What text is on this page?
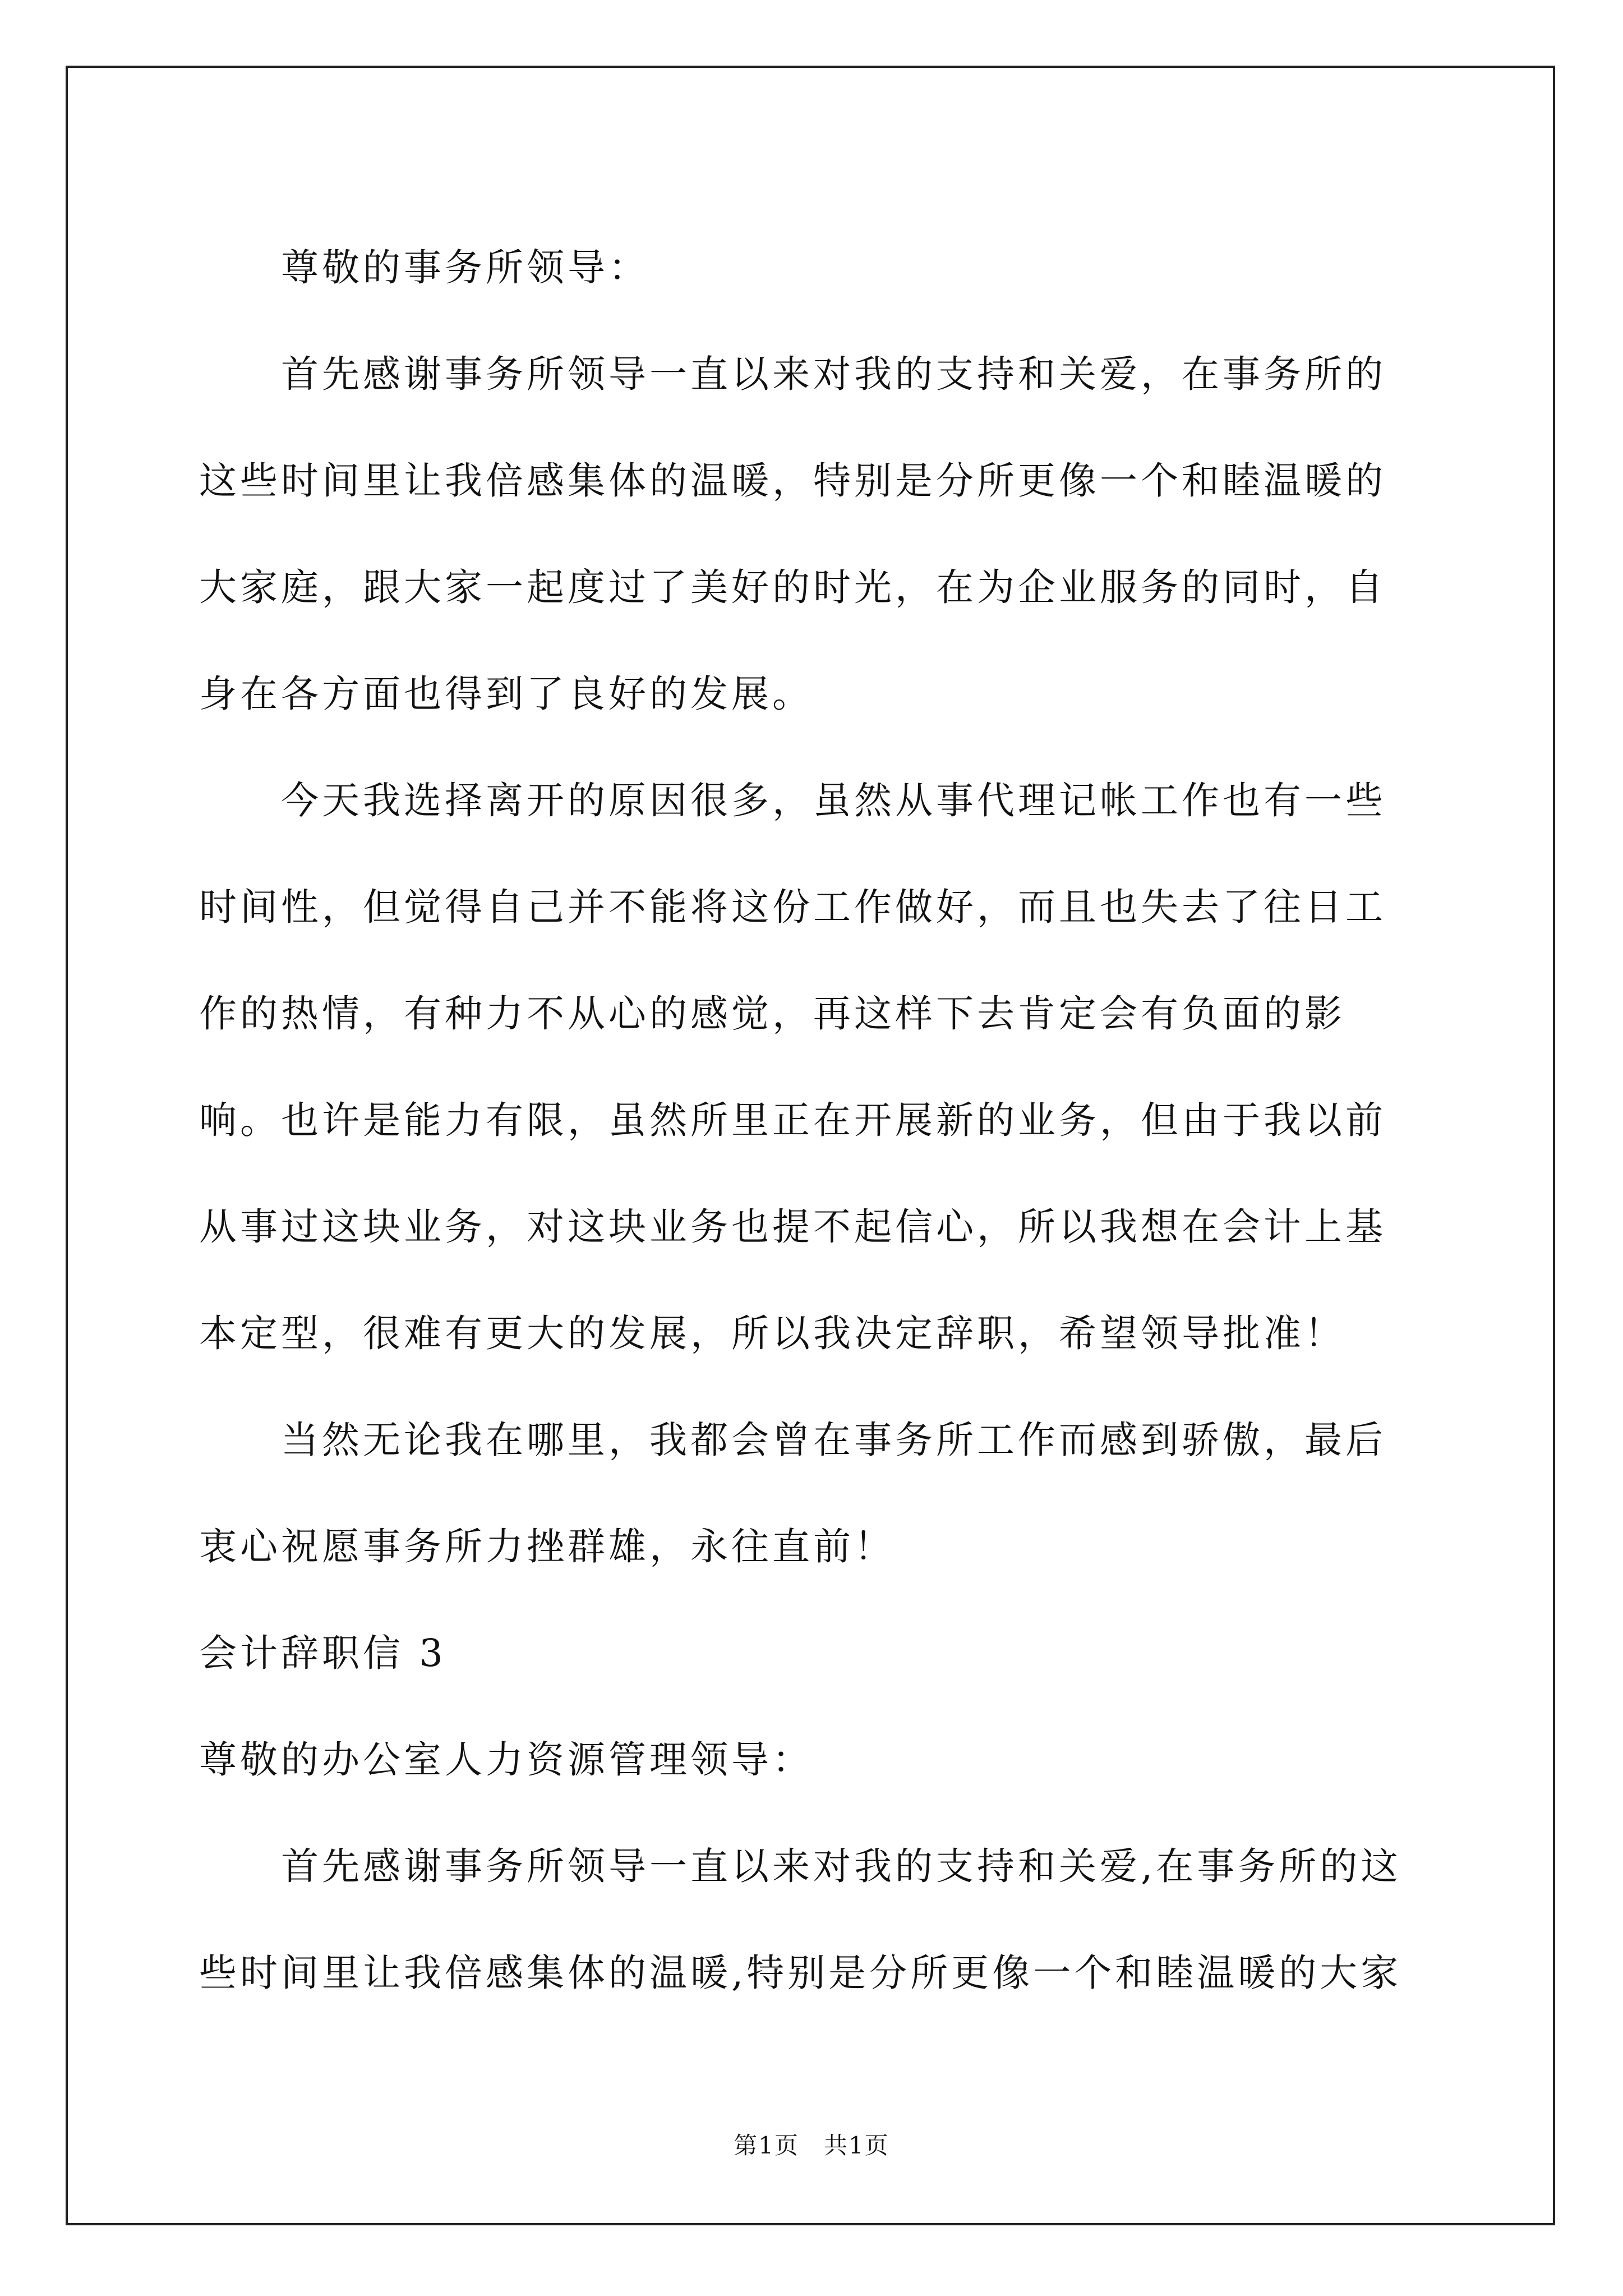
尊敬的事务所领导：

首先感谢事务所领导一直以来对我的支持和关爱，在事务所的这些时间里让我倍感集体的温暖，特别是分所更像一个和睦温暖的大家庭，跟大家一起度过了美好的时光，在为企业服务的同时，自身在各方面也得到了良好的发展。

今天我选择离开的原因很多，虽然从事代理记帐工作也有一些时间性，但觉得自己并不能将这份工作做好，而且也失去了往日工作的热情，有种力不从心的感觉，再这样下去肯定会有负面的影响。也许是能力有限，虽然所里正在开展新的业务，但由于我以前从事过这块业务，对这块业务也提不起信心，所以我想在会计上基本定型，很难有更大的发展，所以我决定辞职，希望领导批准！

当然无论我在哪里，我都会曾在事务所工作而感到骄傲，最后衷心祝愿事务所力挫群雄，永往直前！

会计辞职信 3

尊敬的办公室人力资源管理领导：

首先感谢事务所领导一直以来对我的支持和关爱,在事务所的这些时间里让我倍感集体的温暖,特别是分所更像一个和睦温暖的大家

第1页　共1页
